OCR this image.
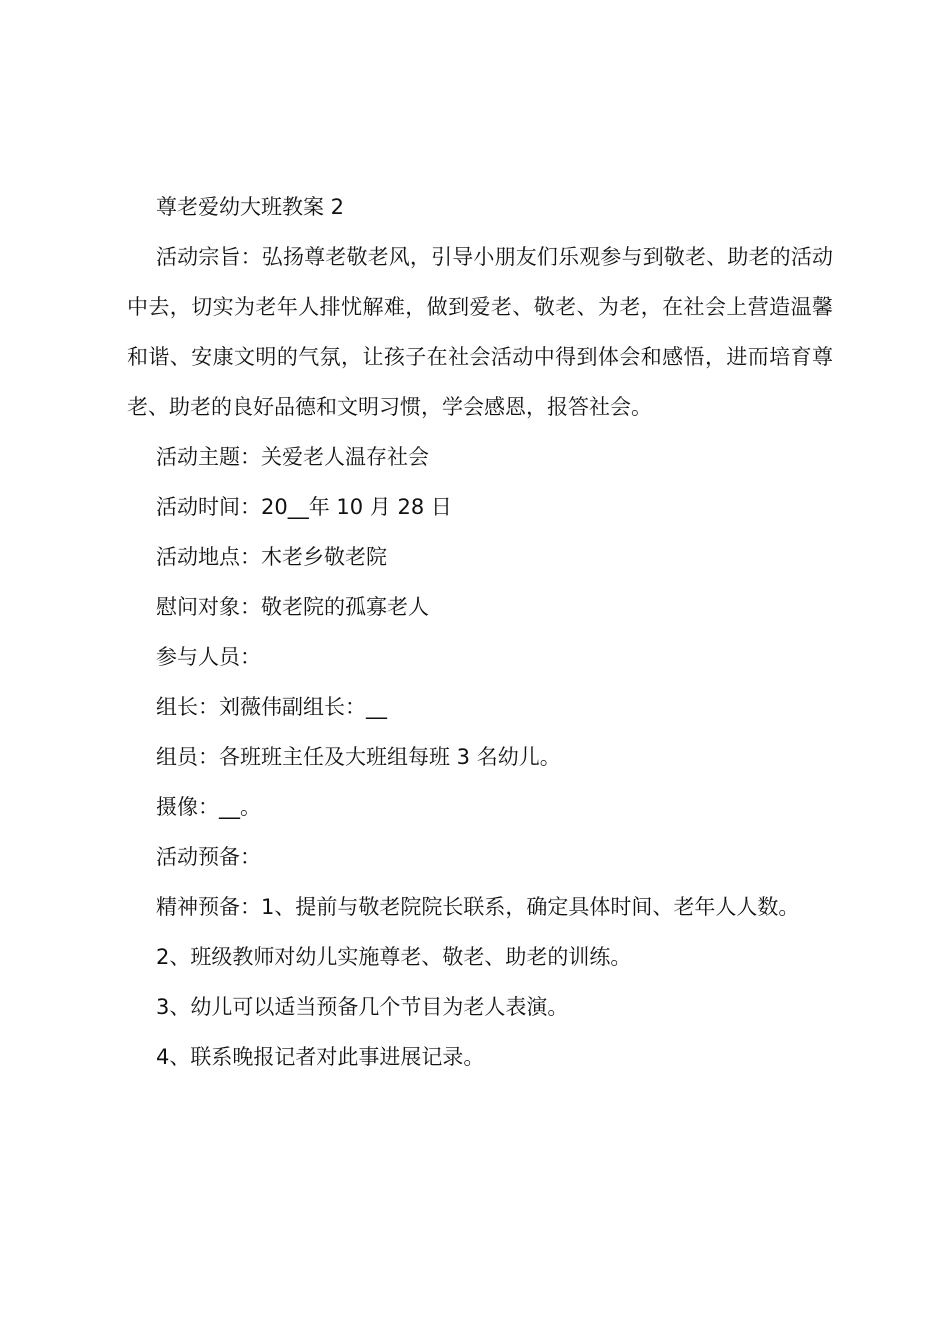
尊老爱幼大班教案 2

活动宗旨：弘扬尊老敬老风，引导小朋友们乐观参与到敬老、助老的活动中去，切实为老年人排忧解难，做到爱老、敬老、为老，在社会上营造温馨和谐、安康文明的气氛，让孩子在社会活动中得到体会和感悟，进而培育尊老、助老的良好品德和文明习惯，学会感恩，报答社会。

活动主题：关爱老人温存社会

活动时间：20__年 10 月 28 日

活动地点：木老乡敬老院

慰问对象：敬老院的孤寡老人

参与人员：

组长：刘薇伟副组长：__

组员：各班班主任及大班组每班 3 名幼儿。

摄像：__。

活动预备：

精神预备：1、提前与敬老院院长联系，确定具体时间、老年人人数。

2、班级教师对幼儿实施尊老、敬老、助老的训练。

3、幼儿可以适当预备几个节目为老人表演。

4、联系晚报记者对此事进展记录。
